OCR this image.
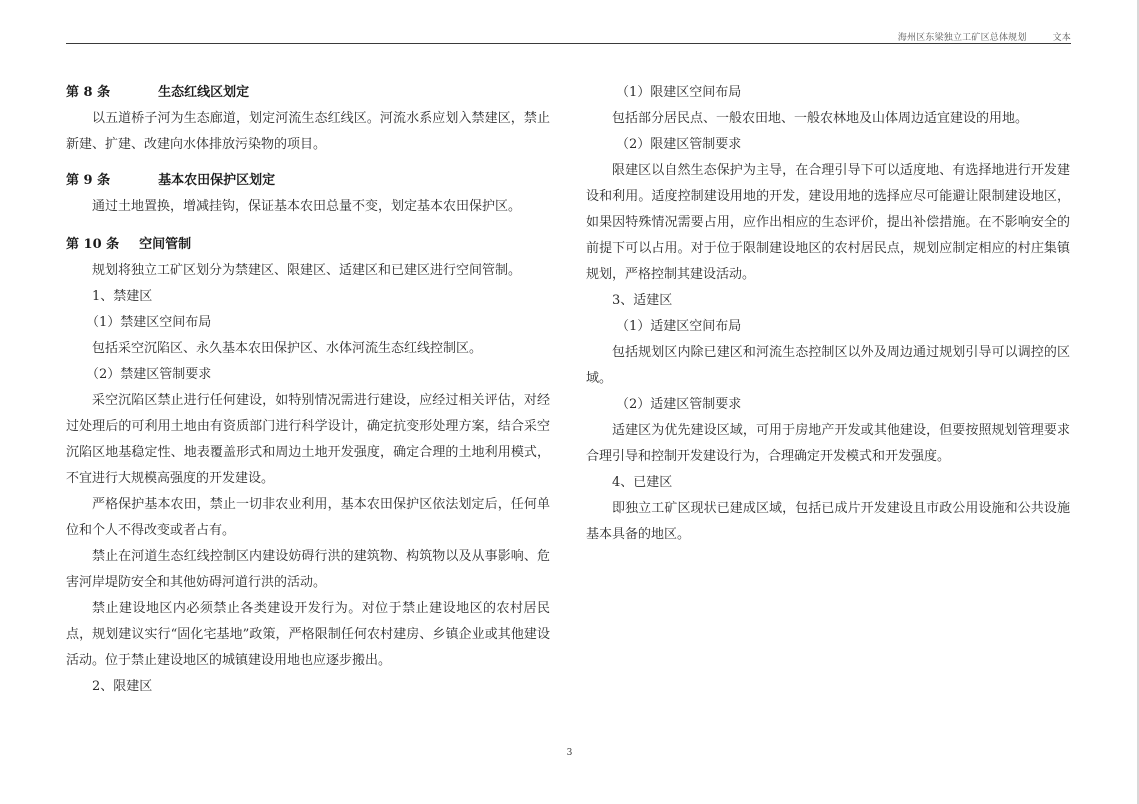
海州区东梁独立工矿区总体规划	文本
第 8 条	生态红线区划定

以五道桥子河为生态廊道，划定河流生态红线区。河流水系应划入禁建区，禁止新建、扩建、改建向水体排放污染物的项目。

第 9 条	基本农田保护区划定

通过土地置换，增减挂钩，保证基本农田总量不变，划定基本农田保护区。

第 10 条 空间管制

规划将独立工矿区划分为禁建区、限建区、适建区和已建区进行空间管制。

1、禁建区

（1）禁建区空间布局

包括采空沉陷区、永久基本农田保护区、水体河流生态红线控制区。

（2）禁建区管制要求

采空沉陷区禁止进行任何建设，如特别情况需进行建设，应经过相关评估，对经过处理后的可利用土地由有资质部门进行科学设计，确定抗变形处理方案，结合采空沉陷区地基稳定性、地表覆盖形式和周边土地开发强度，确定合理的土地利用模式，不宜进行大规模高强度的开发建设。

严格保护基本农田，禁止一切非农业利用，基本农田保护区依法划定后，任何单位和个人不得改变或者占有。

禁止在河道生态红线控制区内建设妨碍行洪的建筑物、构筑物以及从事影响、危害河岸堤防安全和其他妨碍河道行洪的活动。

禁止建设地区内必须禁止各类建设开发行为。对位于禁止建设地区的农村居民点，规划建议实行“固化宅基地”政策，严格限制任何农村建房、乡镇企业或其他建设活动。位于禁止建设地区的城镇建设用地也应逐步搬出。

2、限建区

（1）限建区空间布局

包括部分居民点、一般农田地、一般农林地及山体周边适宜建设的用地。

（2）限建区管制要求

限建区以自然生态保护为主导，在合理引导下可以适度地、有选择地进行开发建设和利用。适度控制建设用地的开发，建设用地的选择应尽可能避让限制建设地区，如果因特殊情况需要占用，应作出相应的生态评价，提出补偿措施。在不影响安全的前提下可以占用。对于位于限制建设地区的农村居民点，规划应制定相应的村庄集镇规划，严格控制其建设活动。

3、适建区

（1）适建区空间布局

包括规划区内除已建区和河流生态控制区以外及周边通过规划引导可以调控的区域。

（2）适建区管制要求

适建区为优先建设区域，可用于房地产开发或其他建设，但要按照规划管理要求合理引导和控制开发建设行为，合理确定开发模式和开发强度。

4、已建区

即独立工矿区现状已建成区域，包括已成片开发建设且市政公用设施和公共设施基本具备的地区。

3
